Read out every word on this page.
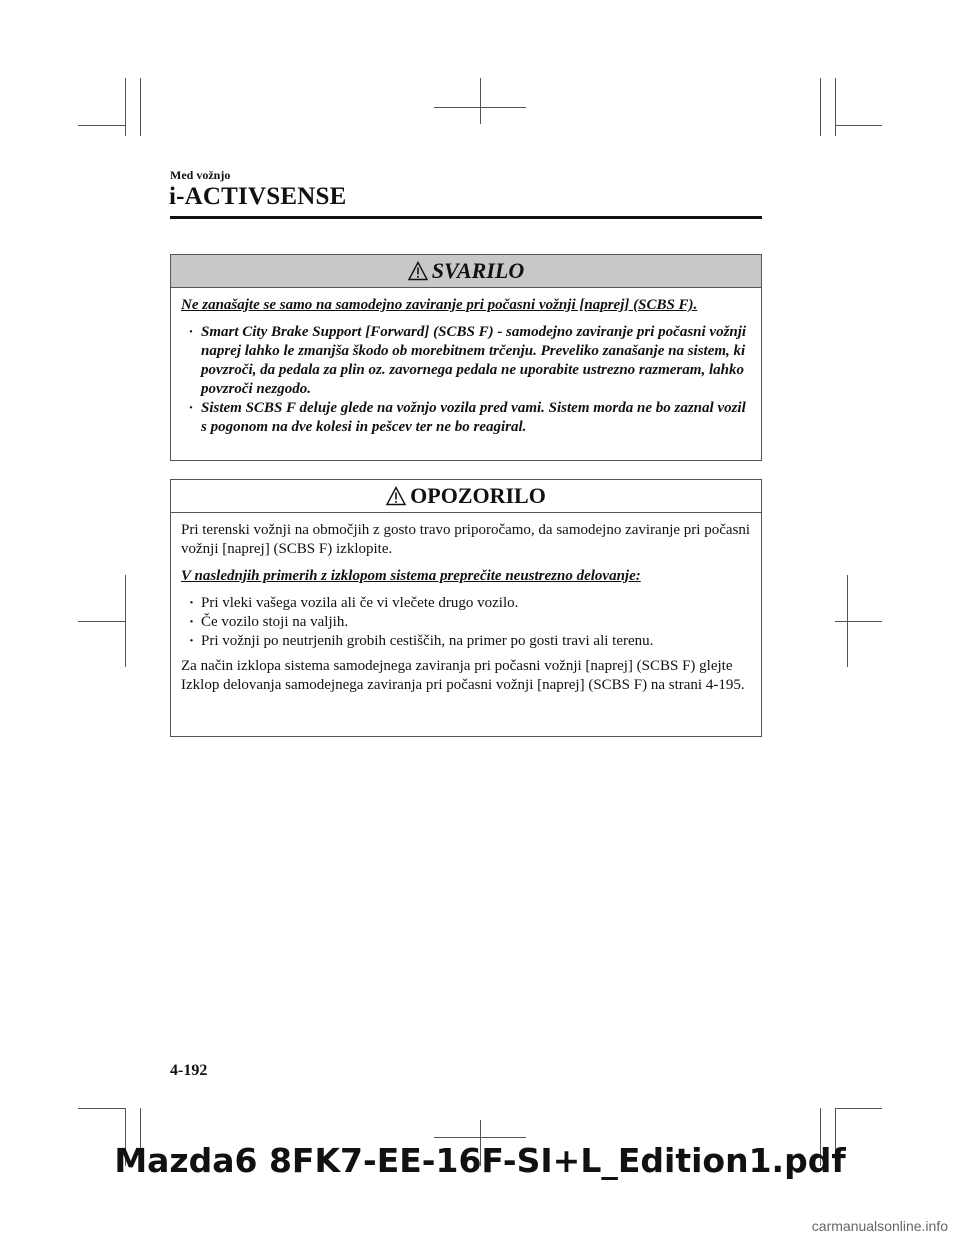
Med vožnjo
i-ACTIVSENSE
SVARILO

Ne zanašajte se samo na samodejno zaviranje pri počasni vožnji [naprej] (SCBS F).

· Smart City Brake Support [Forward] (SCBS F) - samodejno zaviranje pri počasni vožnji naprej lahko le zmanjša škodo ob morebitnem trčenju. Preveliko zanašanje na sistem, ki povzroči, da pedala za plin oz. zavornega pedala ne uporabite ustrezno razmeram, lahko povzroči nezgodo.
· Sistem SCBS F deluje glede na vožnjo vozila pred vami. Sistem morda ne bo zaznal vozil s pogonom na dve kolesi in pešcev ter ne bo reagiral.
OPOZORILO

Pri terenski vožnji na območjih z gosto travo priporočamo, da samodejno zaviranje pri počasni vožnji [naprej] (SCBS F) izklopite.

V naslednjih primerih z izklopom sistema preprečite neustrezno delovanje:

· Pri vleki vašega vozila ali če vi vlečete drugo vozilo.
· Če vozilo stoji na valjih.
· Pri vožnji po neutrjenih grobih cestiščih, na primer po gosti travi ali terenu.

Za način izklopa sistema samodejnega zaviranja pri počasni vožnji [naprej] (SCBS F) glejte Izklop delovanja samodejnega zaviranja pri počasni vožnji [naprej] (SCBS F) na strani 4-195.

4-192
Mazda6 8FK7-EE-16F-SI+L_Edition1.pdf
carmanualsonline.info
